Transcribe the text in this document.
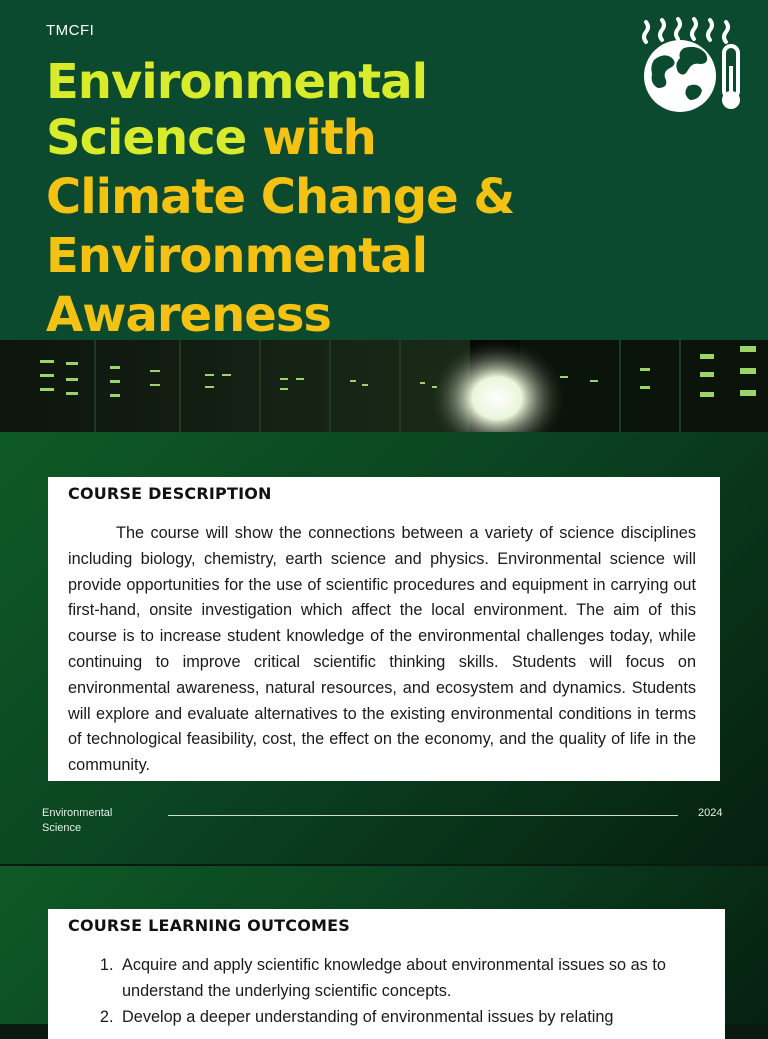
TMCFI
Environmental
Science with
Climate Change &
Environmental
Awareness
COURSE DESCRIPTION

The course will show the connections between a variety of science disciplines including biology, chemistry, earth science and physics. Environmental science will provide opportunities for the use of scientific procedures and equipment in carrying out first-hand, onsite investigation which affect the local environment. The aim of this course is to increase student knowledge of the environmental challenges today, while continuing to improve critical scientific thinking skills. Students will focus on environmental awareness, natural resources, and ecosystem and dynamics. Students will explore and evaluate alternatives to the existing environmental conditions in terms of technological feasibility, cost, the effect on the economy, and the quality of life in the community.

Environmental Science
2024
COURSE LEARNING OUTCOMES
1. Acquire and apply scientific knowledge about environmental issues so as to understand the underlying scientific concepts.
2. Develop a deeper understanding of environmental issues by relating
